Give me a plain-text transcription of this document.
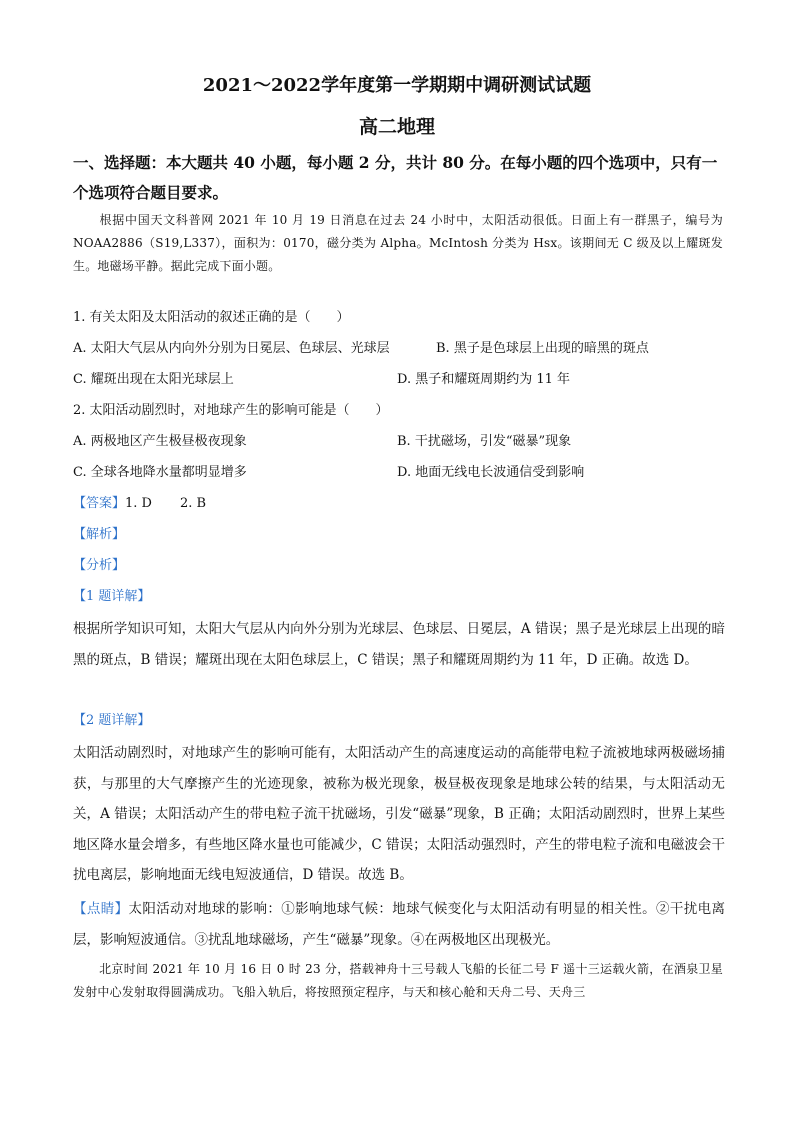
2021～2022学年度第一学期期中调研测试试题
高二地理
一、选择题：本大题共 40 小题，每小题 2 分，共计 80 分。在每小题的四个选项中，只有一个选项符合题目要求。
根据中国天文科普网 2021 年 10 月 19 日消息在过去 24 小时中，太阳活动很低。日面上有一群黑子，编号为 NOAA2886（S19,L337），面积为：0170，磁分类为 Alpha。McIntosh 分类为 Hsx。该期间无 C 级及以上耀斑发生。地磁场平静。据此完成下面小题。
1. 有关太阳及太阳活动的叙述正确的是（　　）
A. 太阳大气层从内向外分别为日冕层、色球层、光球层	B. 黑子是色球层上出现的暗黑的斑点
C. 耀斑出现在太阳光球层上	D. 黑子和耀斑周期约为 11 年
2. 太阳活动剧烈时，对地球产生的影响可能是（　　）
A. 两极地区产生极昼极夜现象	B. 干扰磁场，引发“磁暴”现象
C. 全球各地降水量都明显增多	D. 地面无线电长波通信受到影响
【答案】1. D 2. B
【解析】
【分析】
【1 题详解】
根据所学知识可知，太阳大气层从内向外分别为光球层、色球层、日冕层，A 错误；黑子是光球层上出现的暗黑的斑点，B 错误；耀斑出现在太阳色球层上，C 错误；黑子和耀斑周期约为 11 年，D 正确。故选 D。
【2 题详解】
太阳活动剧烈时，对地球产生的影响可能有，太阳活动产生的高速度运动的高能带电粒子流被地球两极磁场捕获，与那里的大气摩擦产生的光迹现象，被称为极光现象，极昼极夜现象是地球公转的结果，与太阳活动无关，A 错误；太阳活动产生的带电粒子流干扰磁场，引发“磁暴”现象，B 正确；太阳活动剧烈时，世界上某些地区降水量会增多，有些地区降水量也可能减少，C 错误；太阳活动强烈时，产生的带电粒子流和电磁波会干扰电离层，影响地面无线电短波通信，D 错误。故选 B。
【点睛】太阳活动对地球的影响：①影响地球气候：地球气候变化与太阳活动有明显的相关性。②干扰电离层，影响短波通信。③扰乱地球磁场，产生“磁暴”现象。④在两极地区出现极光。
北京时间 2021 年 10 月 16 日 0 时 23 分，搭载神舟十三号载人飞船的长征二号 F 遥十三运载火箭，在酒泉卫星发射中心发射取得圆满成功。飞船入轨后，将按照预定程序，与天和核心舱和天舟二号、天舟三
